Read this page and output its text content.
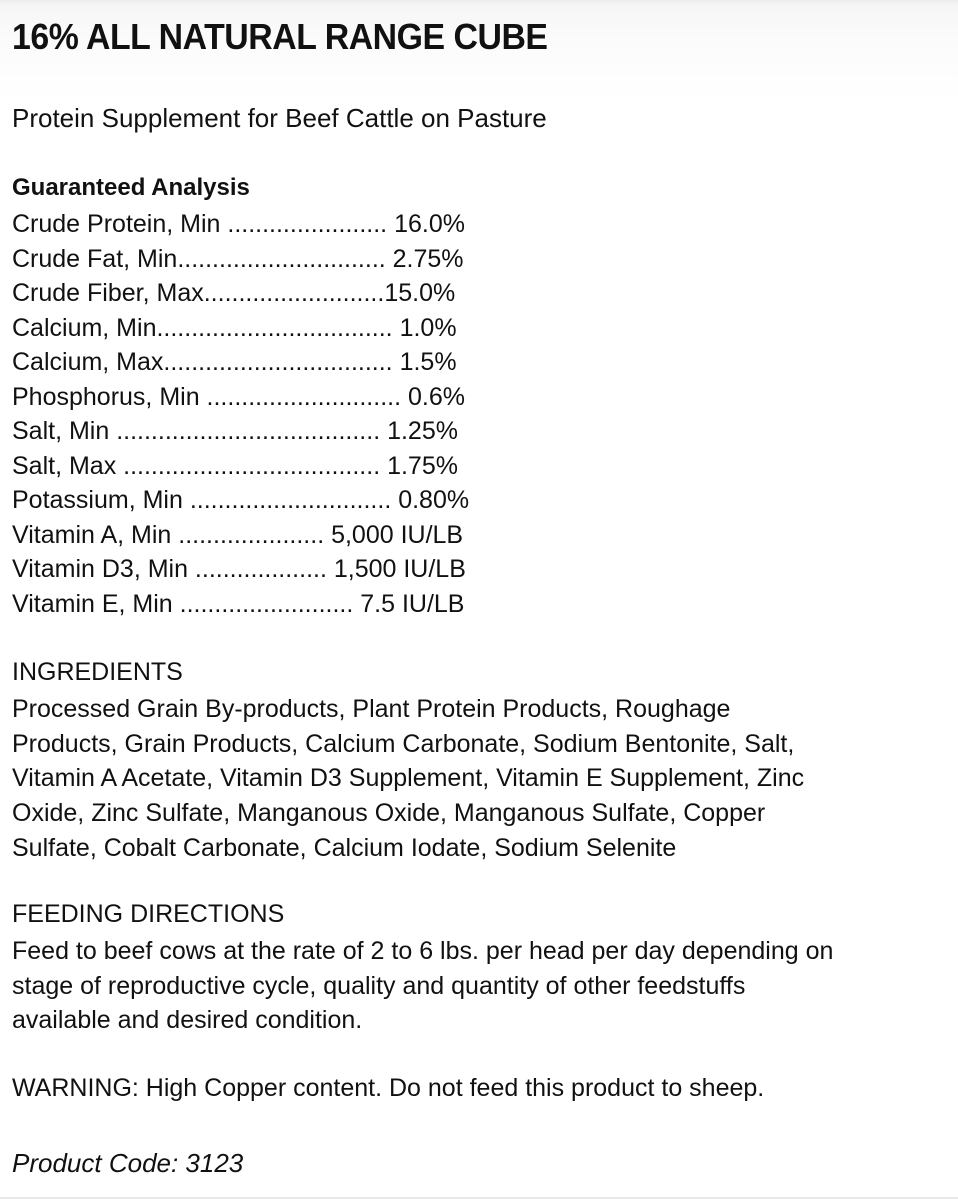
16% ALL NATURAL RANGE CUBE
Protein Supplement for Beef Cattle on Pasture
Guaranteed Analysis
Crude Protein, Min ....................... 16.0%
Crude Fat, Min.............................. 2.75%
Crude Fiber, Max..........................15.0%
Calcium, Min.................................. 1.0%
Calcium, Max................................. 1.5%
Phosphorus, Min ............................ 0.6%
Salt, Min ...................................... 1.25%
Salt, Max ..................................... 1.75%
Potassium, Min ............................. 0.80%
Vitamin A, Min ..................... 5,000 IU/LB
Vitamin D3, Min ................... 1,500 IU/LB
Vitamin E, Min ......................... 7.5 IU/LB
INGREDIENTS
Processed Grain By-products, Plant Protein Products, Roughage
Products, Grain Products, Calcium Carbonate, Sodium Bentonite, Salt,
Vitamin A Acetate, Vitamin D3 Supplement, Vitamin E Supplement, Zinc
Oxide, Zinc Sulfate, Manganous Oxide, Manganous Sulfate, Copper
Sulfate, Cobalt Carbonate, Calcium Iodate, Sodium Selenite
FEEDING DIRECTIONS
Feed to beef cows at the rate of 2 to 6 lbs. per head per day depending on
stage of reproductive cycle, quality and quantity of other feedstuffs
available and desired condition.
WARNING: High Copper content. Do not feed this product to sheep.
Product Code: 3123
